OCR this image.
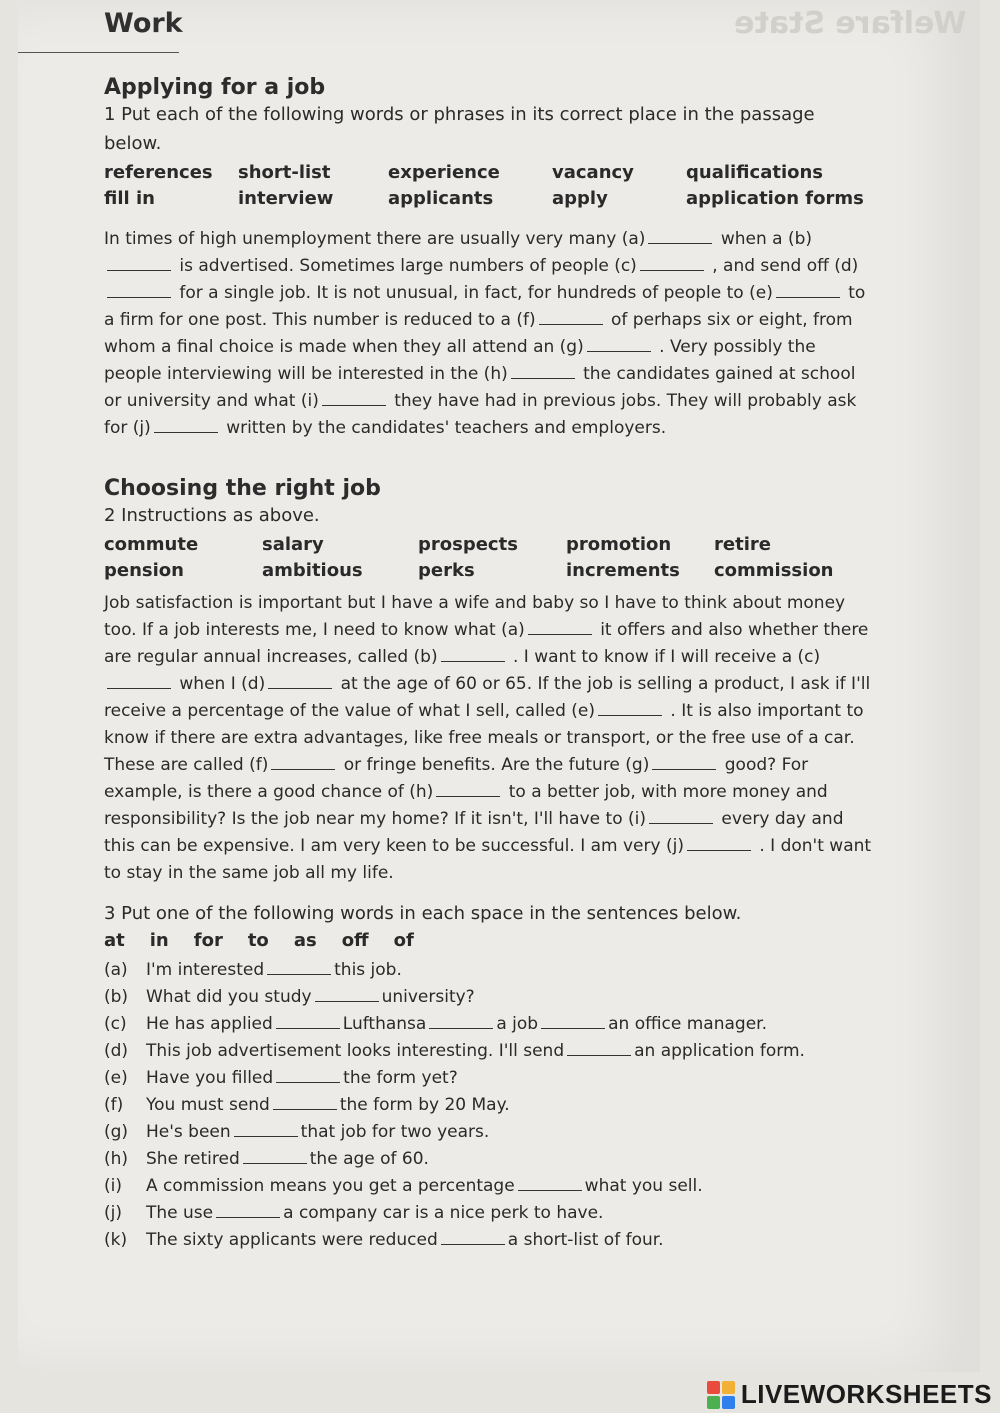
Welfare State
Work
Applying for a job

1 Put each of the following words or phrases in its correct place in the passage below.

references	short-list	experience	vacancy	qualifications
fill in	interview	applicants	apply	application forms

In times of high unemployment there are usually very many (a)	when a (b) is advertised. Sometimes large numbers of people (c)	, and send off (d) for a single job. It is not unusual, in fact, for hundreds of people to (e)	to a firm for one post. This number is reduced to a (f)	of perhaps six or eight, from whom a final choice is made when they all attend an (g)	. Very possibly the people interviewing will be interested in the (h)	the candidates gained at school or university and what (i)	they have had in previous jobs. They will probably ask for (j)	written by the candidates' teachers and employers.

Choosing the right job

2 Instructions as above.

commute	salary	prospects	promotion	retire
pension	ambitious	perks	increments	commission

Job satisfaction is important but I have a wife and baby so I have to think about money too. If a job interests me, I need to know what (a)	it offers and also whether there are regular annual increases, called (b)	. I want to know if I will receive a (c) when I (d)	at the age of 60 or 65. If the job is selling a product, I ask if I'll receive a percentage of the value of what I sell, called (e)	. It is also important to know if there are extra advantages, like free meals or transport, or the free use of a car. These are called (f)	or fringe benefits. Are the future (g)	good? For example, is there a good chance of (h)	to a better job, with more money and responsibility? Is the job near my home? If it isn't, I'll have to (i)	every day and this can be expensive. I am very keen to be successful. I am very (j)	. I don't want to stay in the same job all my life.

3 Put one of the following words in each space in the sentences below.

at in for to as off of
(a)	I'm interested	this job.
(b)	What did you study	university?
(c)	He has applied	Lufthansa	a job	an office manager.
(d)	This job advertisement looks interesting. I'll send	an application form.
(e)	Have you filled	the form yet?
(f)	You must send	the form by 20 May.
(g)	He's been	that job for two years.
(h)	She retired	the age of 60.
(i)	A commission means you get a percentage	what you sell.
(j)	The use	a company car is a nice perk to have.
(k)	The sixty applicants were reduced	a short-list of four.
LIVEWORKSHEETS
